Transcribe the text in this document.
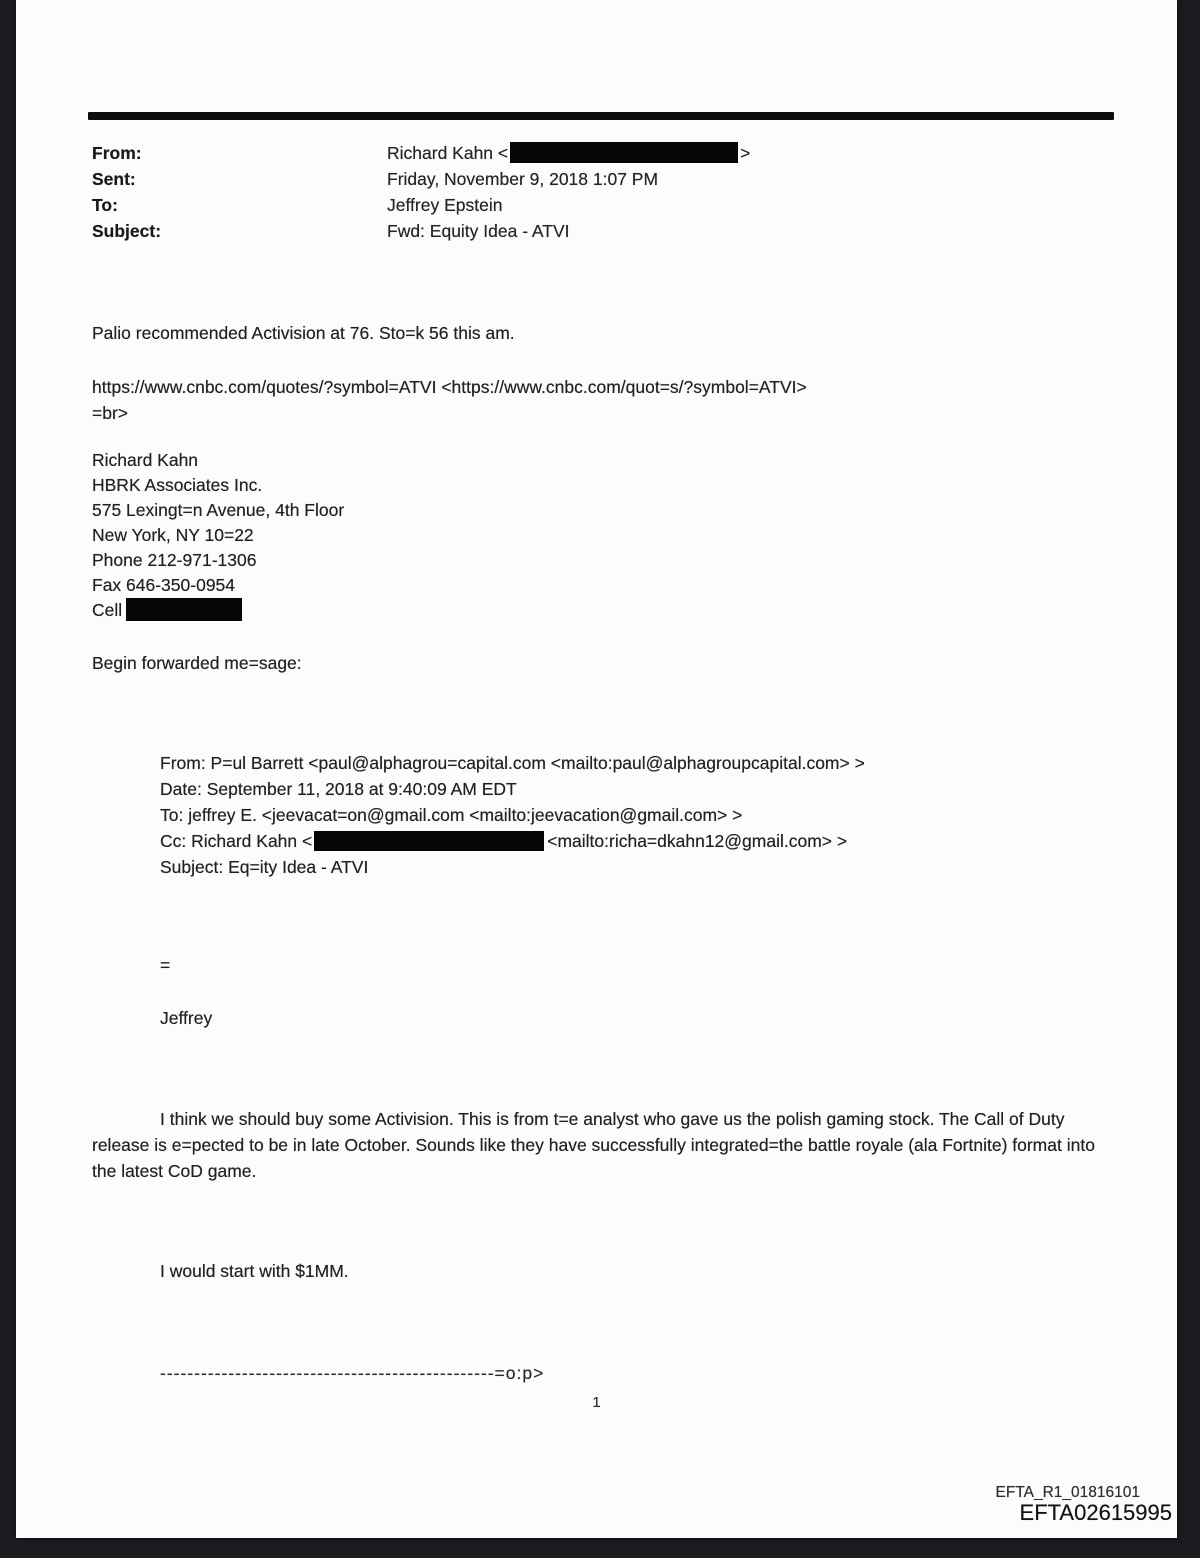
From:	Richard Kahn <	>
Sent:	Friday, November 9, 2018 1:07 PM
To:	Jeffrey Epstein
Subject:	Fwd: Equity Idea - ATVI
Palio recommended Activision at 76. Sto=k 56 this am.
https://www.cnbc.com/quotes/?symbol=ATVI <https://www.cnbc.com/quot=s/?symbol=ATVI>
=br>
Richard Kahn
HBRK Associates Inc.
575 Lexingt=n Avenue, 4th Floor
New York, NY 10=22
Phone 212-971-1306
Fax 646-350-0954
Cell
Begin forwarded me=sage:
From: P=ul Barrett <paul@alphagrou=capital.com <mailto:paul@alphagroupcapital.com> >
Date: September 11, 2018 at 9:40:09 AM EDT
To: jeffrey E. <jeevacat=on@gmail.com <mailto:jeevacation@gmail.com> >
Cc: Richard Kahn <	<mailto:richa=dkahn12@gmail.com> >
Subject: Eq=ity Idea - ATVI
=
Jeffrey
I think we should buy some Activision. This is from t=e analyst who gave us the polish gaming stock. The Call of Duty release is e=pected to be in late October. Sounds like they have successfully integrated=the battle royale (ala Fortnite) format into the latest CoD game.
I would start with $1MM.
-------------------------------------------------=o:p>
1
EFTA_R1_01816101
EFTA02615995
